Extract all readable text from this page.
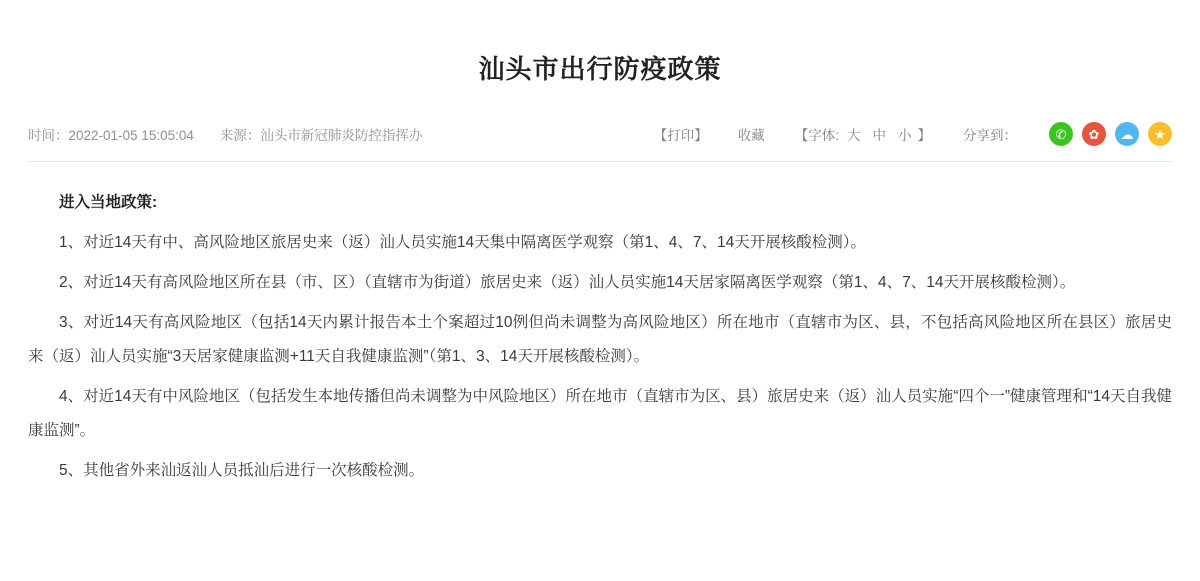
汕头市出行防疫政策
时间：2022-01-05 15:05:04 来源：汕头市新冠肺炎防控指挥办	【打印】 收藏 【字体: 大 中 小 】 分享到：	✆	✿	☁	★

进入当地政策:

1、对近14天有中、高风险地区旅居史来（返）汕人员实施14天集中隔离医学观察（第1、4、7、14天开展核酸检测）。

2、对近14天有高风险地区所在县（市、区）（直辖市为街道）旅居史来（返）汕人员实施14天居家隔离医学观察（第1、4、7、14天开展核酸检测）。

3、对近14天有高风险地区（包括14天内累计报告本土个案超过10例但尚未调整为高风险地区）所在地市（直辖市为区、县，不包括高风险地区所在县区）旅居史来（返）汕人员实施“3天居家健康监测+11天自我健康监测”（第1、3、14天开展核酸检测）。

4、对近14天有中风险地区（包括发生本地传播但尚未调整为中风险地区）所在地市（直辖市为区、县）旅居史来（返）汕人员实施“四个一”健康管理和“14天自我健康监测”。

5、其他省外来汕返汕人员抵汕后进行一次核酸检测。
